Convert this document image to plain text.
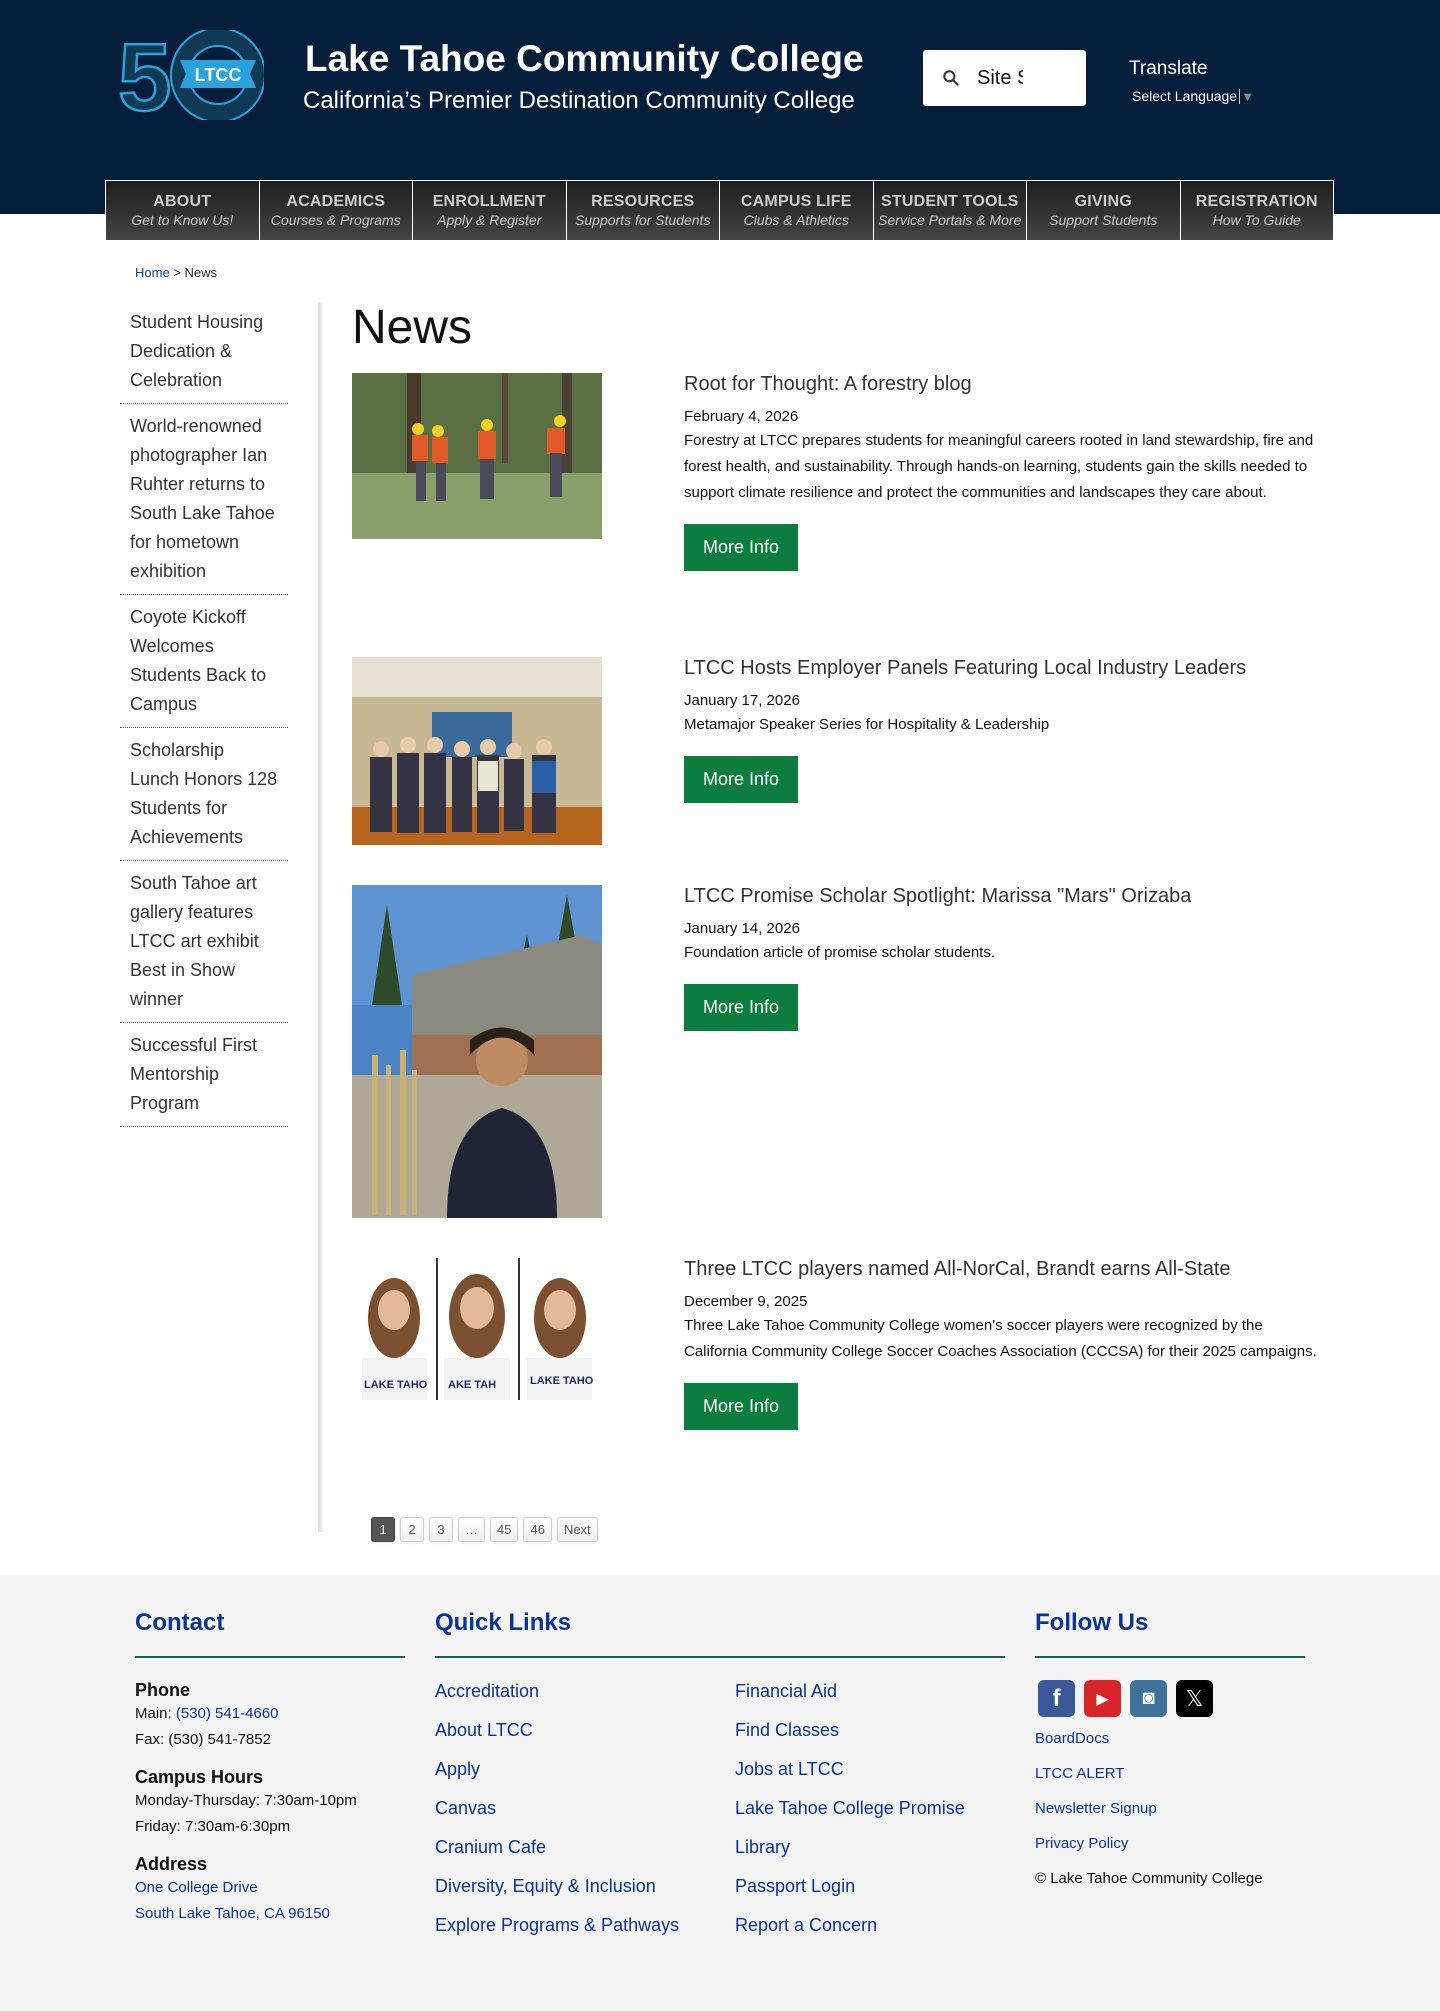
5 LTCC Lake Tahoe Community College
California’s Premier Destination Community College
Site S
Translate
Select Language ▼
ABOUT
Get to Know Us!
ACADEMICS
Courses & Programs
ENROLLMENT
Apply & Register
RESOURCES
Supports for Students
CAMPUS LIFE
Clubs & Athletics
STUDENT TOOLS
Service Portals & More
GIVING
Support Students
REGISTRATION
How To Guide
Home > News
Student Housing Dedication & Celebration
World-renowned photographer Ian Ruhter returns to South Lake Tahoe for hometown exhibition
Coyote Kickoff Welcomes Students Back to Campus
Scholarship Lunch Honors 128 Students for Achievements
South Tahoe art gallery features LTCC art exhibit Best in Show winner
Successful First Mentorship Program
News
Root for Thought: A forestry blog
February 4, 2026
Forestry at LTCC prepares students for meaningful careers rooted in land stewardship, fire and forest health, and sustainability. Through hands-on learning, students gain the skills needed to support climate resilience and protect the communities and landscapes they care about.
More Info
LTCC Hosts Employer Panels Featuring Local Industry Leaders
January 17, 2026
Metamajor Speaker Series for Hospitality & Leadership
More Info
LTCC Promise Scholar Spotlight: Marissa "Mars" Orizaba
January 14, 2026
Foundation article of promise scholar students.
More Info
LAKE TAHO AKE TAH	LAKE TAHO
Three LTCC players named All-NorCal, Brandt earns All-State
December 9, 2025
Three Lake Tahoe Community College women's soccer players were recognized by the California Community College Soccer Coaches Association (CCCSA) for their 2025 campaigns.
More Info
1	2	3	…	45	46	Next
Contact
Phone
Main: (530) 541-4660
Fax: (530) 541-7852
Campus Hours
Monday-Thursday: 7:30am-10pm
Friday: 7:30am-6:30pm
Address
One College Drive
South Lake Tahoe, CA 96150
Quick Links
Accreditation	Financial Aid
About LTCC	Find Classes
Apply	Jobs at LTCC
Canvas	Lake Tahoe College Promise
Cranium Cafe	Library
Diversity, Equity & Inclusion	Passport Login
Explore Programs & Pathways	Report a Concern
Follow Us
f	▶	◙	𝕏
BoardDocs
LTCC ALERT
Newsletter Signup
Privacy Policy
© Lake Tahoe Community College
